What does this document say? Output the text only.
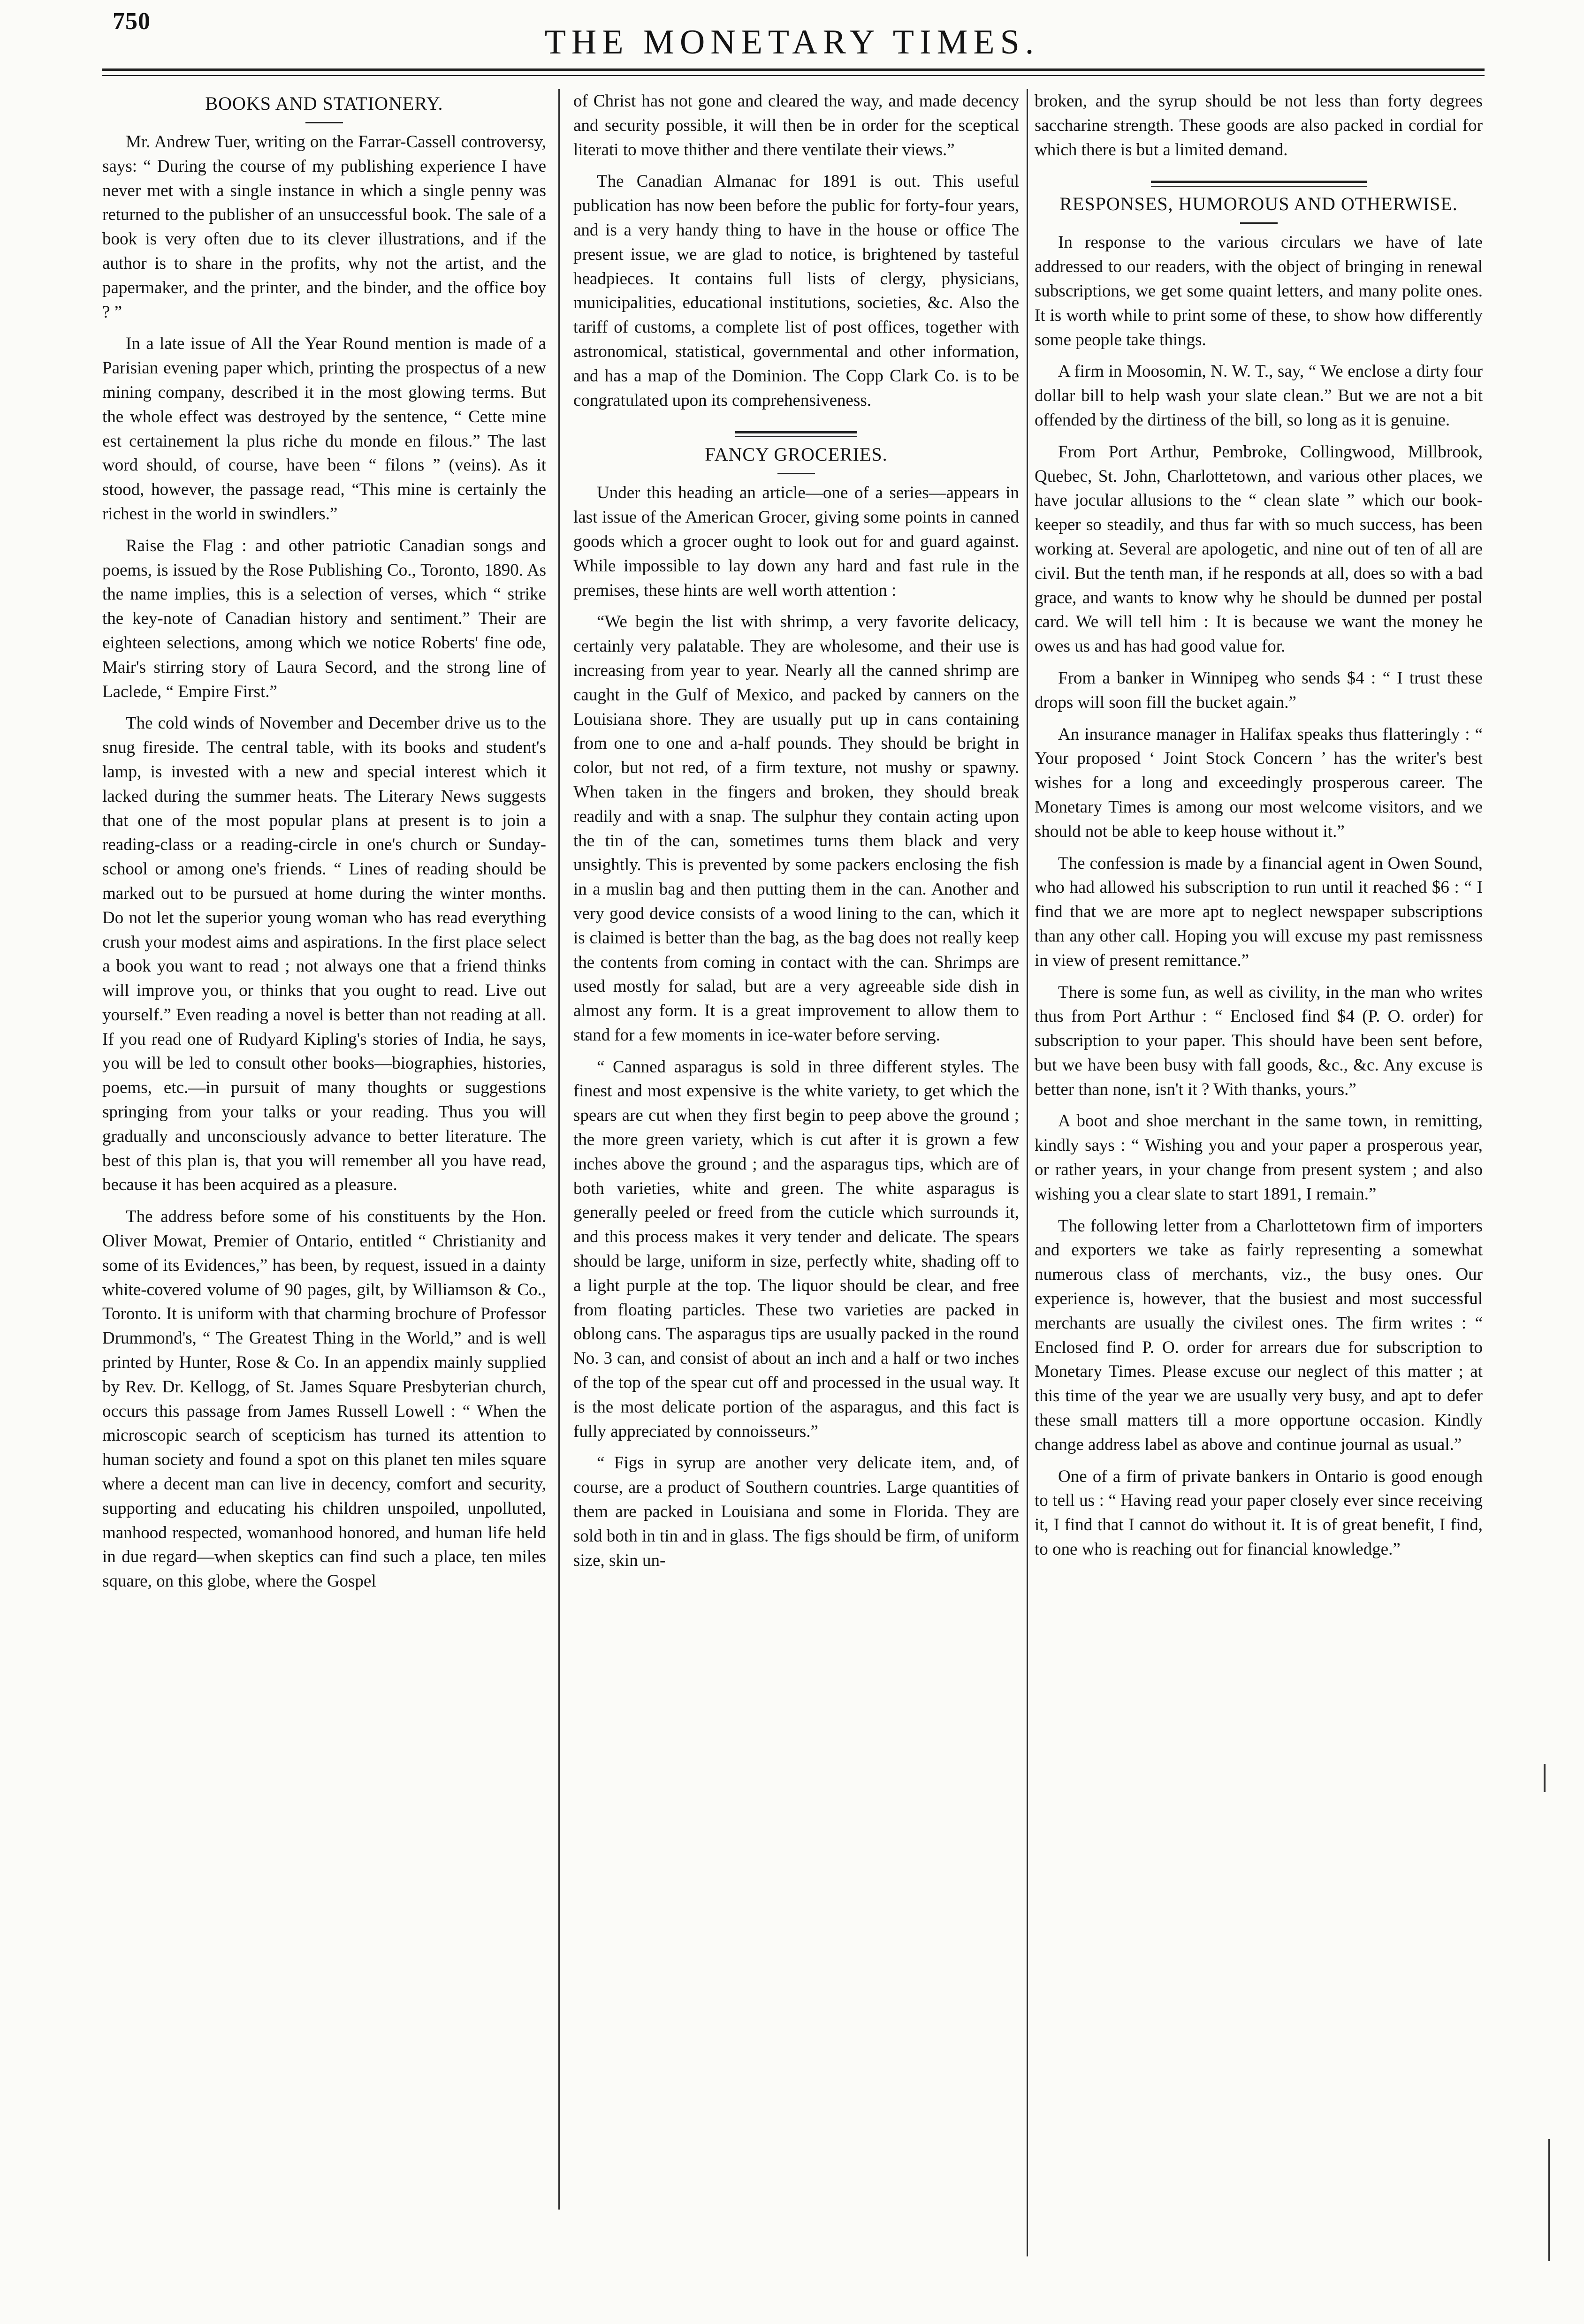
750
THE MONETARY TIMES.
BOOKS AND STATIONERY.

Mr. Andrew Tuer, writing on the Farrar-Cassell controversy, says: “ During the course of my publishing experience I have never met with a single instance in which a single penny was returned to the publisher of an unsuccessful book. The sale of a book is very often due to its clever illustrations, and if the author is to share in the profits, why not the artist, and the papermaker, and the printer, and the binder, and the office boy ? ”

In a late issue of All the Year Round mention is made of a Parisian evening paper which, printing the prospectus of a new mining company, described it in the most glowing terms. But the whole effect was destroyed by the sentence, “ Cette mine est certainement la plus riche du monde en filous.” The last word should, of course, have been “ filons ” (veins). As it stood, however, the passage read, “This mine is certainly the richest in the world in swindlers.”

Raise the Flag : and other patriotic Canadian songs and poems, is issued by the Rose Publishing Co., Toronto, 1890. As the name implies, this is a selection of verses, which “ strike the key-note of Canadian history and sentiment.” Their are eighteen selections, among which we notice Roberts' fine ode, Mair's stirring story of Laura Secord, and the strong line of Laclede, “ Empire First.”

The cold winds of November and December drive us to the snug fireside. The central table, with its books and student's lamp, is invested with a new and special interest which it lacked during the summer heats. The Literary News suggests that one of the most popular plans at present is to join a reading-class or a reading-circle in one's church or Sunday-school or among one's friends. “ Lines of reading should be marked out to be pursued at home during the winter months. Do not let the superior young woman who has read everything crush your modest aims and aspirations. In the first place select a book you want to read ; not always one that a friend thinks will improve you, or thinks that you ought to read. Live out yourself.” Even reading a novel is better than not reading at all. If you read one of Rudyard Kipling's stories of India, he says, you will be led to consult other books—biographies, histories, poems, etc.—in pursuit of many thoughts or suggestions springing from your talks or your reading. Thus you will gradually and unconsciously advance to better literature. The best of this plan is, that you will remember all you have read, because it has been acquired as a pleasure.

The address before some of his constituents by the Hon. Oliver Mowat, Premier of Ontario, entitled “ Christianity and some of its Evidences,” has been, by request, issued in a dainty white-covered volume of 90 pages, gilt, by Williamson & Co., Toronto. It is uniform with that charming brochure of Professor Drummond's, “ The Greatest Thing in the World,” and is well printed by Hunter, Rose & Co. In an appendix mainly supplied by Rev. Dr. Kellogg, of St. James Square Presbyterian church, occurs this passage from James Russell Lowell : “ When the microscopic search of scepticism has turned its attention to human society and found a spot on this planet ten miles square where a decent man can live in decency, comfort and security, supporting and educating his children unspoiled, unpolluted, manhood respected, womanhood honored, and human life held in due regard—when skeptics can find such a place, ten miles square, on this globe, where the Gospel

of Christ has not gone and cleared the way, and made decency and security possible, it will then be in order for the sceptical literati to move thither and there ventilate their views.”

The Canadian Almanac for 1891 is out. This useful publication has now been before the public for forty-four years, and is a very handy thing to have in the house or office The present issue, we are glad to notice, is brightened by tasteful headpieces. It contains full lists of clergy, physicians, municipalities, educational institutions, societies, &c. Also the tariff of customs, a complete list of post offices, together with astronomical, statistical, governmental and other information, and has a map of the Dominion. The Copp Clark Co. is to be congratulated upon its comprehensiveness.

FANCY GROCERIES.

Under this heading an article—one of a series—appears in last issue of the American Grocer, giving some points in canned goods which a grocer ought to look out for and guard against. While impossible to lay down any hard and fast rule in the premises, these hints are well worth attention :

“We begin the list with shrimp, a very favorite delicacy, certainly very palatable. They are wholesome, and their use is increasing from year to year. Nearly all the canned shrimp are caught in the Gulf of Mexico, and packed by canners on the Louisiana shore. They are usually put up in cans containing from one to one and a-half pounds. They should be bright in color, but not red, of a firm texture, not mushy or spawny. When taken in the fingers and broken, they should break readily and with a snap. The sulphur they contain acting upon the tin of the can, sometimes turns them black and very unsightly. This is prevented by some packers enclosing the fish in a muslin bag and then putting them in the can. Another and very good device consists of a wood lining to the can, which it is claimed is better than the bag, as the bag does not really keep the contents from coming in contact with the can. Shrimps are used mostly for salad, but are a very agreeable side dish in almost any form. It is a great improvement to allow them to stand for a few moments in ice-water before serving.

“ Canned asparagus is sold in three different styles. The finest and most expensive is the white variety, to get which the spears are cut when they first begin to peep above the ground ; the more green variety, which is cut after it is grown a few inches above the ground ; and the asparagus tips, which are of both varieties, white and green. The white asparagus is generally peeled or freed from the cuticle which surrounds it, and this process makes it very tender and delicate. The spears should be large, uniform in size, perfectly white, shading off to a light purple at the top. The liquor should be clear, and free from floating particles. These two varieties are packed in oblong cans. The asparagus tips are usually packed in the round No. 3 can, and consist of about an inch and a half or two inches of the top of the spear cut off and processed in the usual way. It is the most delicate portion of the asparagus, and this fact is fully appreciated by connoisseurs.”

“ Figs in syrup are another very delicate item, and, of course, are a product of Southern countries. Large quantities of them are packed in Louisiana and some in Florida. They are sold both in tin and in glass. The figs should be firm, of uniform size, skin un-

broken, and the syrup should be not less than forty degrees saccharine strength. These goods are also packed in cordial for which there is but a limited demand.

RESPONSES, HUMOROUS AND OTHERWISE.

In response to the various circulars we have of late addressed to our readers, with the object of bringing in renewal subscriptions, we get some quaint letters, and many polite ones. It is worth while to print some of these, to show how differently some people take things.

A firm in Moosomin, N. W. T., say, “ We enclose a dirty four dollar bill to help wash your slate clean.” But we are not a bit offended by the dirtiness of the bill, so long as it is genuine.

From Port Arthur, Pembroke, Collingwood, Millbrook, Quebec, St. John, Charlottetown, and various other places, we have jocular allusions to the “ clean slate ” which our book-keeper so steadily, and thus far with so much success, has been working at. Several are apologetic, and nine out of ten of all are civil. But the tenth man, if he responds at all, does so with a bad grace, and wants to know why he should be dunned per postal card. We will tell him : It is because we want the money he owes us and has had good value for.

From a banker in Winnipeg who sends $4 : “ I trust these drops will soon fill the bucket again.”

An insurance manager in Halifax speaks thus flatteringly : “ Your proposed ‘ Joint Stock Concern ’ has the writer's best wishes for a long and exceedingly prosperous career. The Monetary Times is among our most welcome visitors, and we should not be able to keep house without it.”

The confession is made by a financial agent in Owen Sound, who had allowed his subscription to run until it reached $6 : “ I find that we are more apt to neglect newspaper subscriptions than any other call. Hoping you will excuse my past remissness in view of present remittance.”

There is some fun, as well as civility, in the man who writes thus from Port Arthur : “ Enclosed find $4 (P. O. order) for subscription to your paper. This should have been sent before, but we have been busy with fall goods, &c., &c. Any excuse is better than none, isn't it ? With thanks, yours.”

A boot and shoe merchant in the same town, in remitting, kindly says : “ Wishing you and your paper a prosperous year, or rather years, in your change from present system ; and also wishing you a clear slate to start 1891, I remain.”

The following letter from a Charlottetown firm of importers and exporters we take as fairly representing a somewhat numerous class of merchants, viz., the busy ones. Our experience is, however, that the busiest and most successful merchants are usually the civilest ones. The firm writes : “ Enclosed find P. O. order for arrears due for subscription to Monetary Times. Please excuse our neglect of this matter ; at this time of the year we are usually very busy, and apt to defer these small matters till a more opportune occasion. Kindly change address label as above and continue journal as usual.”

One of a firm of private bankers in Ontario is good enough to tell us : “ Having read your paper closely ever since receiving it, I find that I cannot do without it. It is of great benefit, I find, to one who is reaching out for financial knowledge.”
